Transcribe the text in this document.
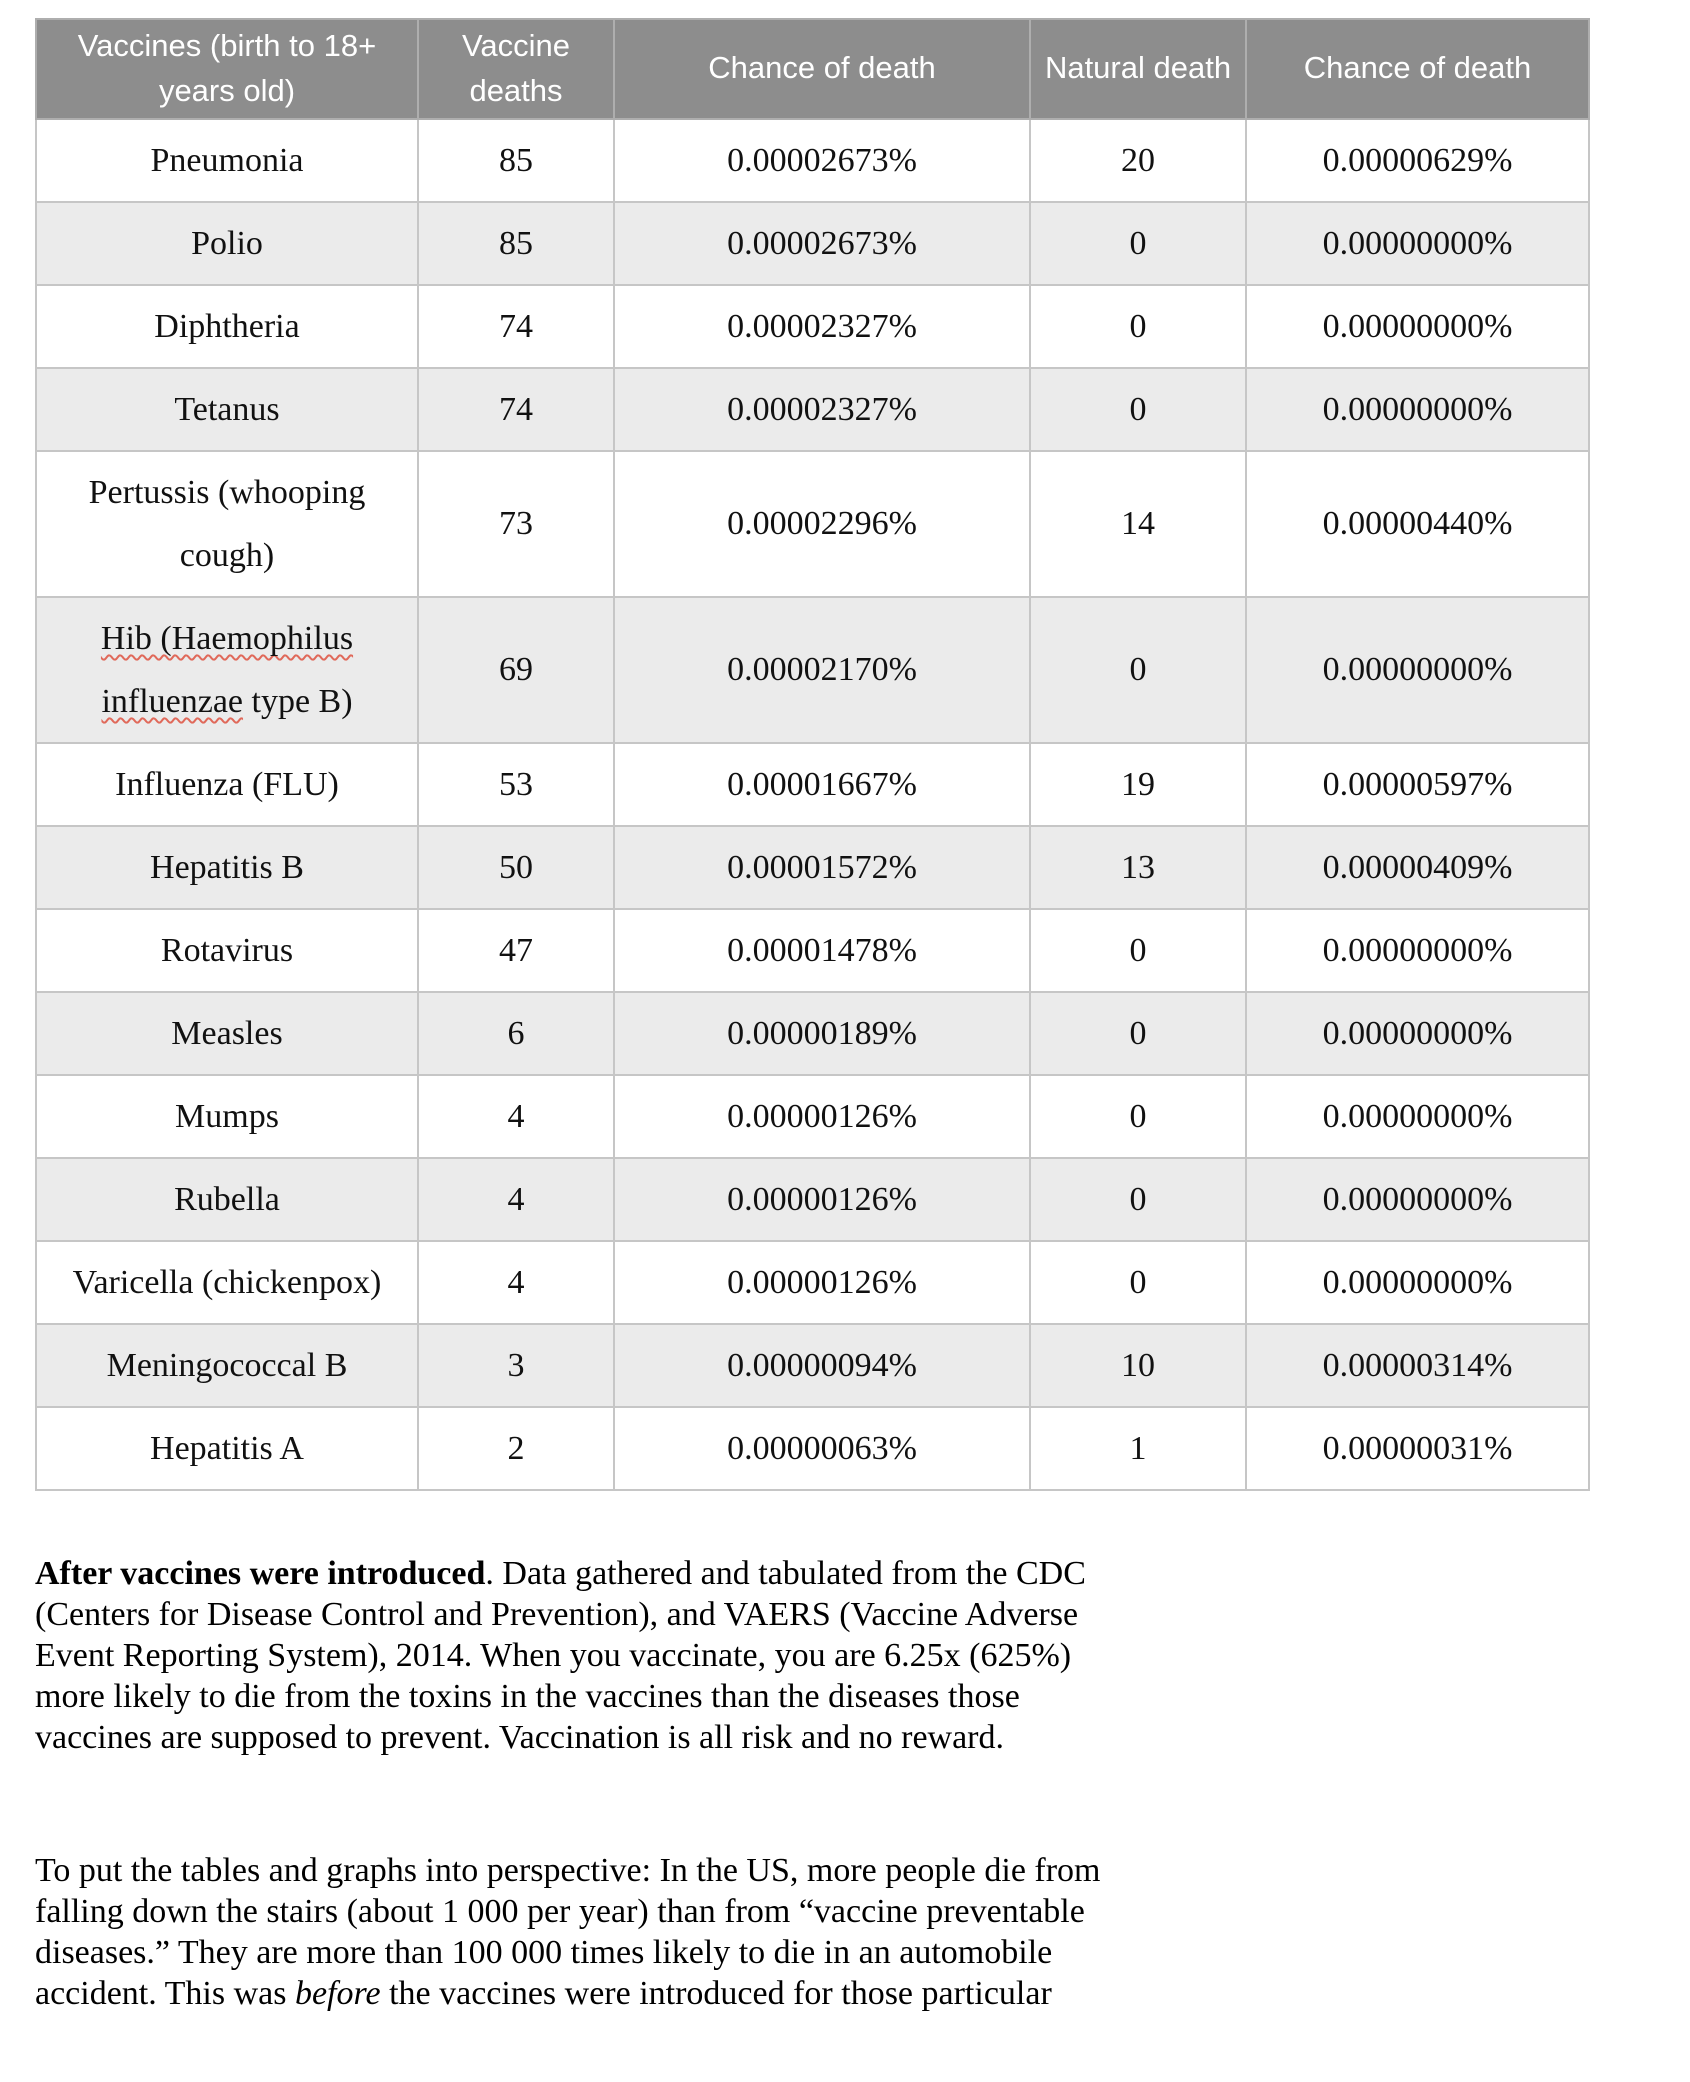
Vaccines (birth to 18+ years old)	Vaccine deaths	Chance of death	Natural death	Chance of death
Pneumonia	85	0.00002673%	20	0.00000629%
Polio	85	0.00002673%	0	0.00000000%
Diphtheria	74	0.00002327%	0	0.00000000%
Tetanus	74	0.00002327%	0	0.00000000%
Pertussis (whooping
cough)	73	0.00002296%	14	0.00000440%
Hib (Haemophilus
influenzae type B)	69	0.00002170%	0	0.00000000%
Influenza (FLU)	53	0.00001667%	19	0.00000597%
Hepatitis B	50	0.00001572%	13	0.00000409%
Rotavirus	47	0.00001478%	0	0.00000000%
Measles	6	0.00000189%	0	0.00000000%
Mumps	4	0.00000126%	0	0.00000000%
Rubella	4	0.00000126%	0	0.00000000%
Varicella (chickenpox)	4	0.00000126%	0	0.00000000%
Meningococcal B	3	0.00000094%	10	0.00000314%
Hepatitis A	2	0.00000063%	1	0.00000031%
After vaccines were introduced. Data gathered and tabulated from the CDC
(Centers for Disease Control and Prevention), and VAERS (Vaccine Adverse
Event Reporting System), 2014. When you vaccinate, you are 6.25x (625%)
more likely to die from the toxins in the vaccines than the diseases those
vaccines are supposed to prevent. Vaccination is all risk and no reward.
To put the tables and graphs into perspective: In the US, more people die from
falling down the stairs (about 1 000 per year) than from “vaccine preventable
diseases.” They are more than 100 000 times likely to die in an automobile
accident. This was before the vaccines were introduced for those particular
